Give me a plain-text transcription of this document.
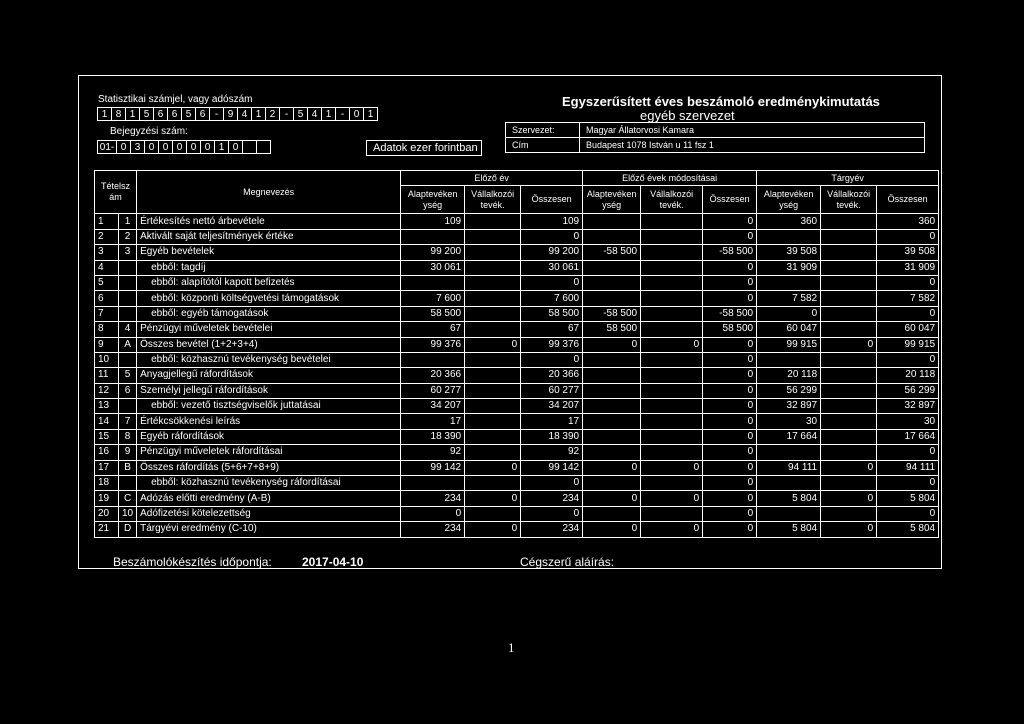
Statisztikai számjel, vagy adószám
1 8 1 5 6 6 5 6 - 9 4 1 2 - 5 4 1 - 0 1
Bejegyzési szám:
01- 0 3 0 0 0 0 0 1 0	Adatok ezer forintban
Egyszerűsített éves beszámoló eredménykimutatás
egyéb szervezet
Szervezet:	Magyar Állatorvosi Kamara
Cím	Budapest 1078 István u 11 fsz 1
Tételsz ám		Megnevezés	Előző év			Előző évek módosításai			Tárgyév		
			Alaptevéken ység	Vállalkozói tevék.	Összesen	Alaptevéken ység	Vállalkozói tevék.	Összesen	Alaptevéken ység	Vállalkozói tevék.	Összesen
1	1	Értékesítés nettó árbevétele	109		109			0	360		360
2	2	Aktivált saját teljesítmények értéke			0			0			0
3	3	Egyéb bevételek	99 200		99 200	-58 500		-58 500	39 508		39 508
4		ebből: tagdíj	30 061		30 061			0	31 909		31 909
5		ebből: alapítótól kapott befizetés			0			0			0
6		ebből: központi költségvetési támogatások	7 600		7 600			0	7 582		7 582
7		ebből: egyéb támogatások	58 500		58 500	-58 500		-58 500	0		0
8	4	Pénzügyi műveletek bevételei	67		67	58 500		58 500	60 047		60 047
9	A	Összes bevétel (1+2+3+4)	99 376	0	99 376	0	0	0	99 915	0	99 915
10		ebből: közhasznú tevékenység bevételei			0			0			0
11	5	Anyagjellegű ráfordítások	20 366		20 366			0	20 118		20 118
12	6	Személyi jellegű ráfordítások	60 277		60 277			0	56 299		56 299
13		ebből: vezető tisztségviselők juttatásai	34 207		34 207			0	32 897		32 897
14	7	Értékcsökkenési leírás	17		17			0	30		30
15	8	Egyéb ráfordítások	18 390		18 390			0	17 664		17 664
16	9	Pénzügyi műveletek ráfordításai	92		92			0			0
17	B	Összes ráfordítás (5+6+7+8+9)	99 142	0	99 142	0	0	0	94 111	0	94 111
18		ebből: közhasznú tevékenység ráfordításai			0			0			0
19	C	Adózás előtti eredmény (A-B)	234	0	234	0	0	0	5 804	0	5 804
20	10	Adófizetési kötelezettség	0		0			0			0
21	D	Tárgyévi eredmény (C-10)	234	0	234	0	0	0	5 804	0	5 804
Beszámolókészítés időpontja:	2017-04-10	Cégszerű aláírás:
1
